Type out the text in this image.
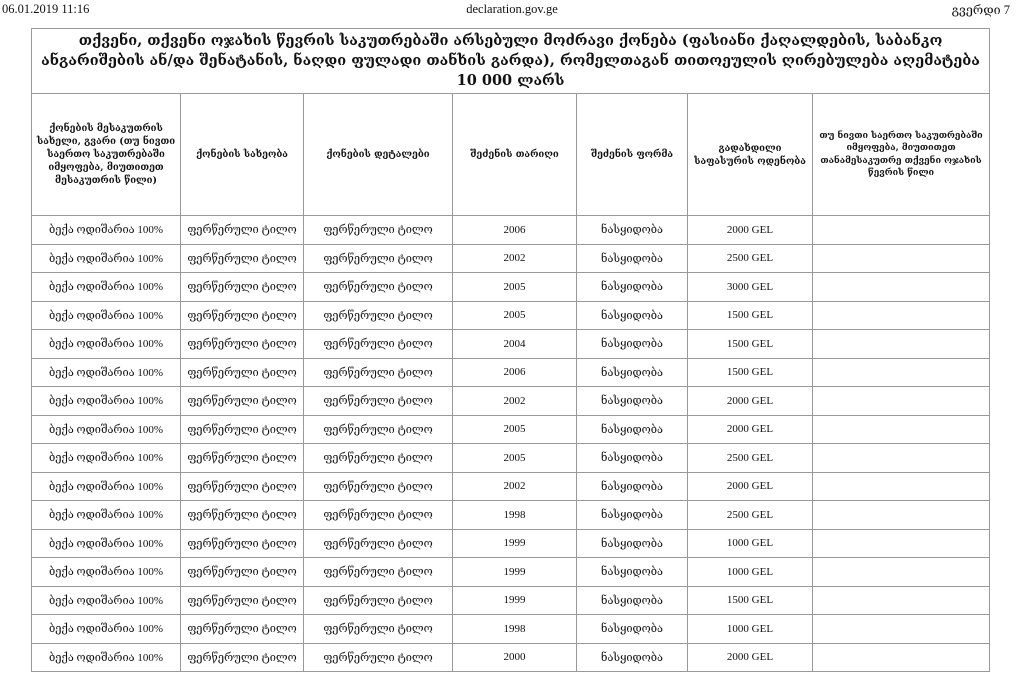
06.01.2019 11:16	declaration.gov.ge	გვერდი 7
თქვენი, თქვენი ოჯახის წევრის საკუთრებაში არსებული მოძრავი ქონება (ფასიანი ქაღალდების, საბანკო ანგარიშების ან/და შენატანის, ნაღდი ფულადი თანხის გარდა), რომელთაგან თითოეულის ღირებულება აღემატება 10 000 ლარს						
ქონების მესაკუთრის სახელი, გვარი (თუ ნივთი საერთო საკუთრებაში იმყოფება, მიუთითეთ მესაკუთრის წილი)	ქონების სახეობა	ქონების დეტალები	შეძენის თარიღი	შეძენის ფორმა	გადახდილი საფასურის ოდენობა	თუ ნივთი საერთო საკუთრებაში იმყოფება, მიუთითეთ თანამესაკუთრე თქვენი ოჯახის წევრის წილი
ბექა ოდიშარია 100%	ფერწერული ტილო	ფერწერული ტილო	2006	ნასყიდობა	2000 GEL	
ბექა ოდიშარია 100%	ფერწერული ტილო	ფერწერული ტილო	2002	ნასყიდობა	2500 GEL	
ბექა ოდიშარია 100%	ფერწერული ტილო	ფერწერული ტილო	2005	ნასყიდობა	3000 GEL	
ბექა ოდიშარია 100%	ფერწერული ტილო	ფერწერული ტილო	2005	ნასყიდობა	1500 GEL	
ბექა ოდიშარია 100%	ფერწერული ტილო	ფერწერული ტილო	2004	ნასყიდობა	1500 GEL	
ბექა ოდიშარია 100%	ფერწერული ტილო	ფერწერული ტილო	2006	ნასყიდობა	1500 GEL	
ბექა ოდიშარია 100%	ფერწერული ტილო	ფერწერული ტილო	2002	ნასყიდობა	2000 GEL	
ბექა ოდიშარია 100%	ფერწერული ტილო	ფერწერული ტილო	2005	ნასყიდობა	2000 GEL	
ბექა ოდიშარია 100%	ფერწერული ტილო	ფერწერული ტილო	2005	ნასყიდობა	2500 GEL	
ბექა ოდიშარია 100%	ფერწერული ტილო	ფერწერული ტილო	2002	ნასყიდობა	2000 GEL	
ბექა ოდიშარია 100%	ფერწერული ტილო	ფერწერული ტილო	1998	ნასყიდობა	2500 GEL	
ბექა ოდიშარია 100%	ფერწერული ტილო	ფერწერული ტილო	1999	ნასყიდობა	1000 GEL	
ბექა ოდიშარია 100%	ფერწერული ტილო	ფერწერული ტილო	1999	ნასყიდობა	1000 GEL	
ბექა ოდიშარია 100%	ფერწერული ტილო	ფერწერული ტილო	1999	ნასყიდობა	1500 GEL	
ბექა ოდიშარია 100%	ფერწერული ტილო	ფერწერული ტილო	1998	ნასყიდობა	1000 GEL	
ბექა ოდიშარია 100%	ფერწერული ტილო	ფერწერული ტილო	2000	ნასყიდობა	2000 GEL	
